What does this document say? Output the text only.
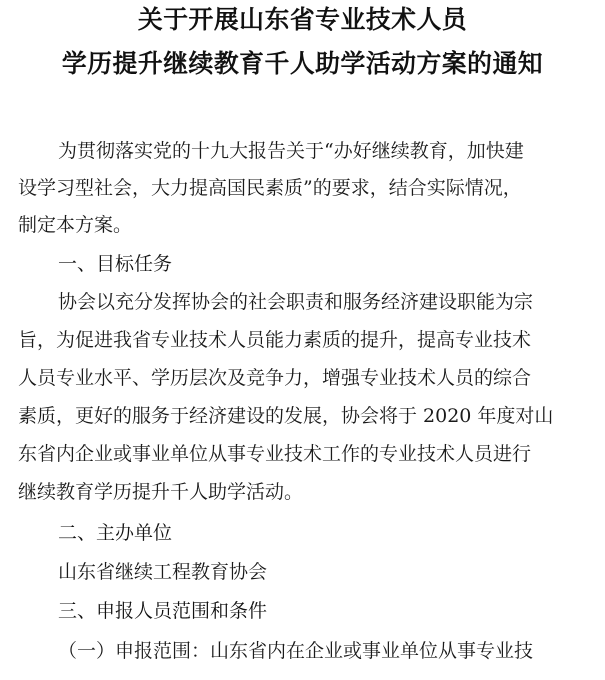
关于开展山东省专业技术人员
学历提升继续教育千人助学活动方案的通知
为贯彻落实党的十九大报告关于“办好继续教育，加快建
设学习型社会，大力提高国民素质”的要求，结合实际情况，
制定本方案。
一、目标任务
协会以充分发挥协会的社会职责和服务经济建设职能为宗
旨，为促进我省专业技术人员能力素质的提升，提高专业技术
人员专业水平、学历层次及竞争力，增强专业技术人员的综合
素质，更好的服务于经济建设的发展，协会将于 2020 年度对山
东省内企业或事业单位从事专业技术工作的专业技术人员进行
继续教育学历提升千人助学活动。
二、主办单位
山东省继续工程教育协会
三、申报人员范围和条件
（一）申报范围：山东省内在企业或事业单位从事专业技
